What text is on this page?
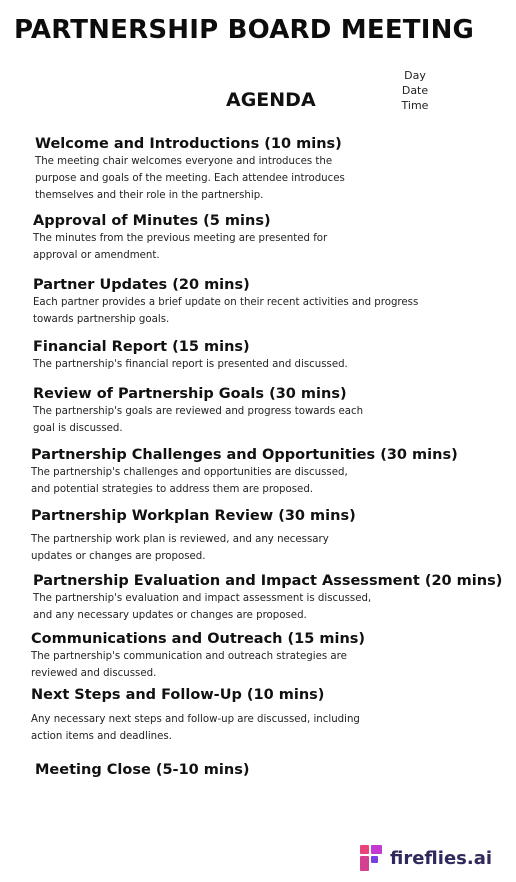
PARTNERSHIP BOARD MEETING
AGENDA
Day
Date
Time
Welcome and Introductions (10 mins)
The meeting chair welcomes everyone and introduces the
purpose and goals of the meeting. Each attendee introduces
themselves and their role in the partnership.
Approval of Minutes (5 mins)
The minutes from the previous meeting are presented for
approval or amendment.
Partner Updates (20 mins)
Each partner provides a brief update on their recent activities and progress
towards partnership goals.
Financial Report (15 mins)
The partnership's financial report is presented and discussed.
Review of Partnership Goals (30 mins)
The partnership's goals are reviewed and progress towards each
goal is discussed.
Partnership Challenges and Opportunities (30 mins)
The partnership's challenges and opportunities are discussed,
and potential strategies to address them are proposed.
Partnership Workplan Review (30 mins)
The partnership work plan is reviewed, and any necessary
updates or changes are proposed.
Partnership Evaluation and Impact Assessment (20 mins)
The partnership's evaluation and impact assessment is discussed,
and any necessary updates or changes are proposed.
Communications and Outreach (15 mins)
The partnership's communication and outreach strategies are
reviewed and discussed.
Next Steps and Follow-Up (10 mins)
Any necessary next steps and follow-up are discussed, including
action items and deadlines.
Meeting Close (5-10 mins)
fireflies.ai
